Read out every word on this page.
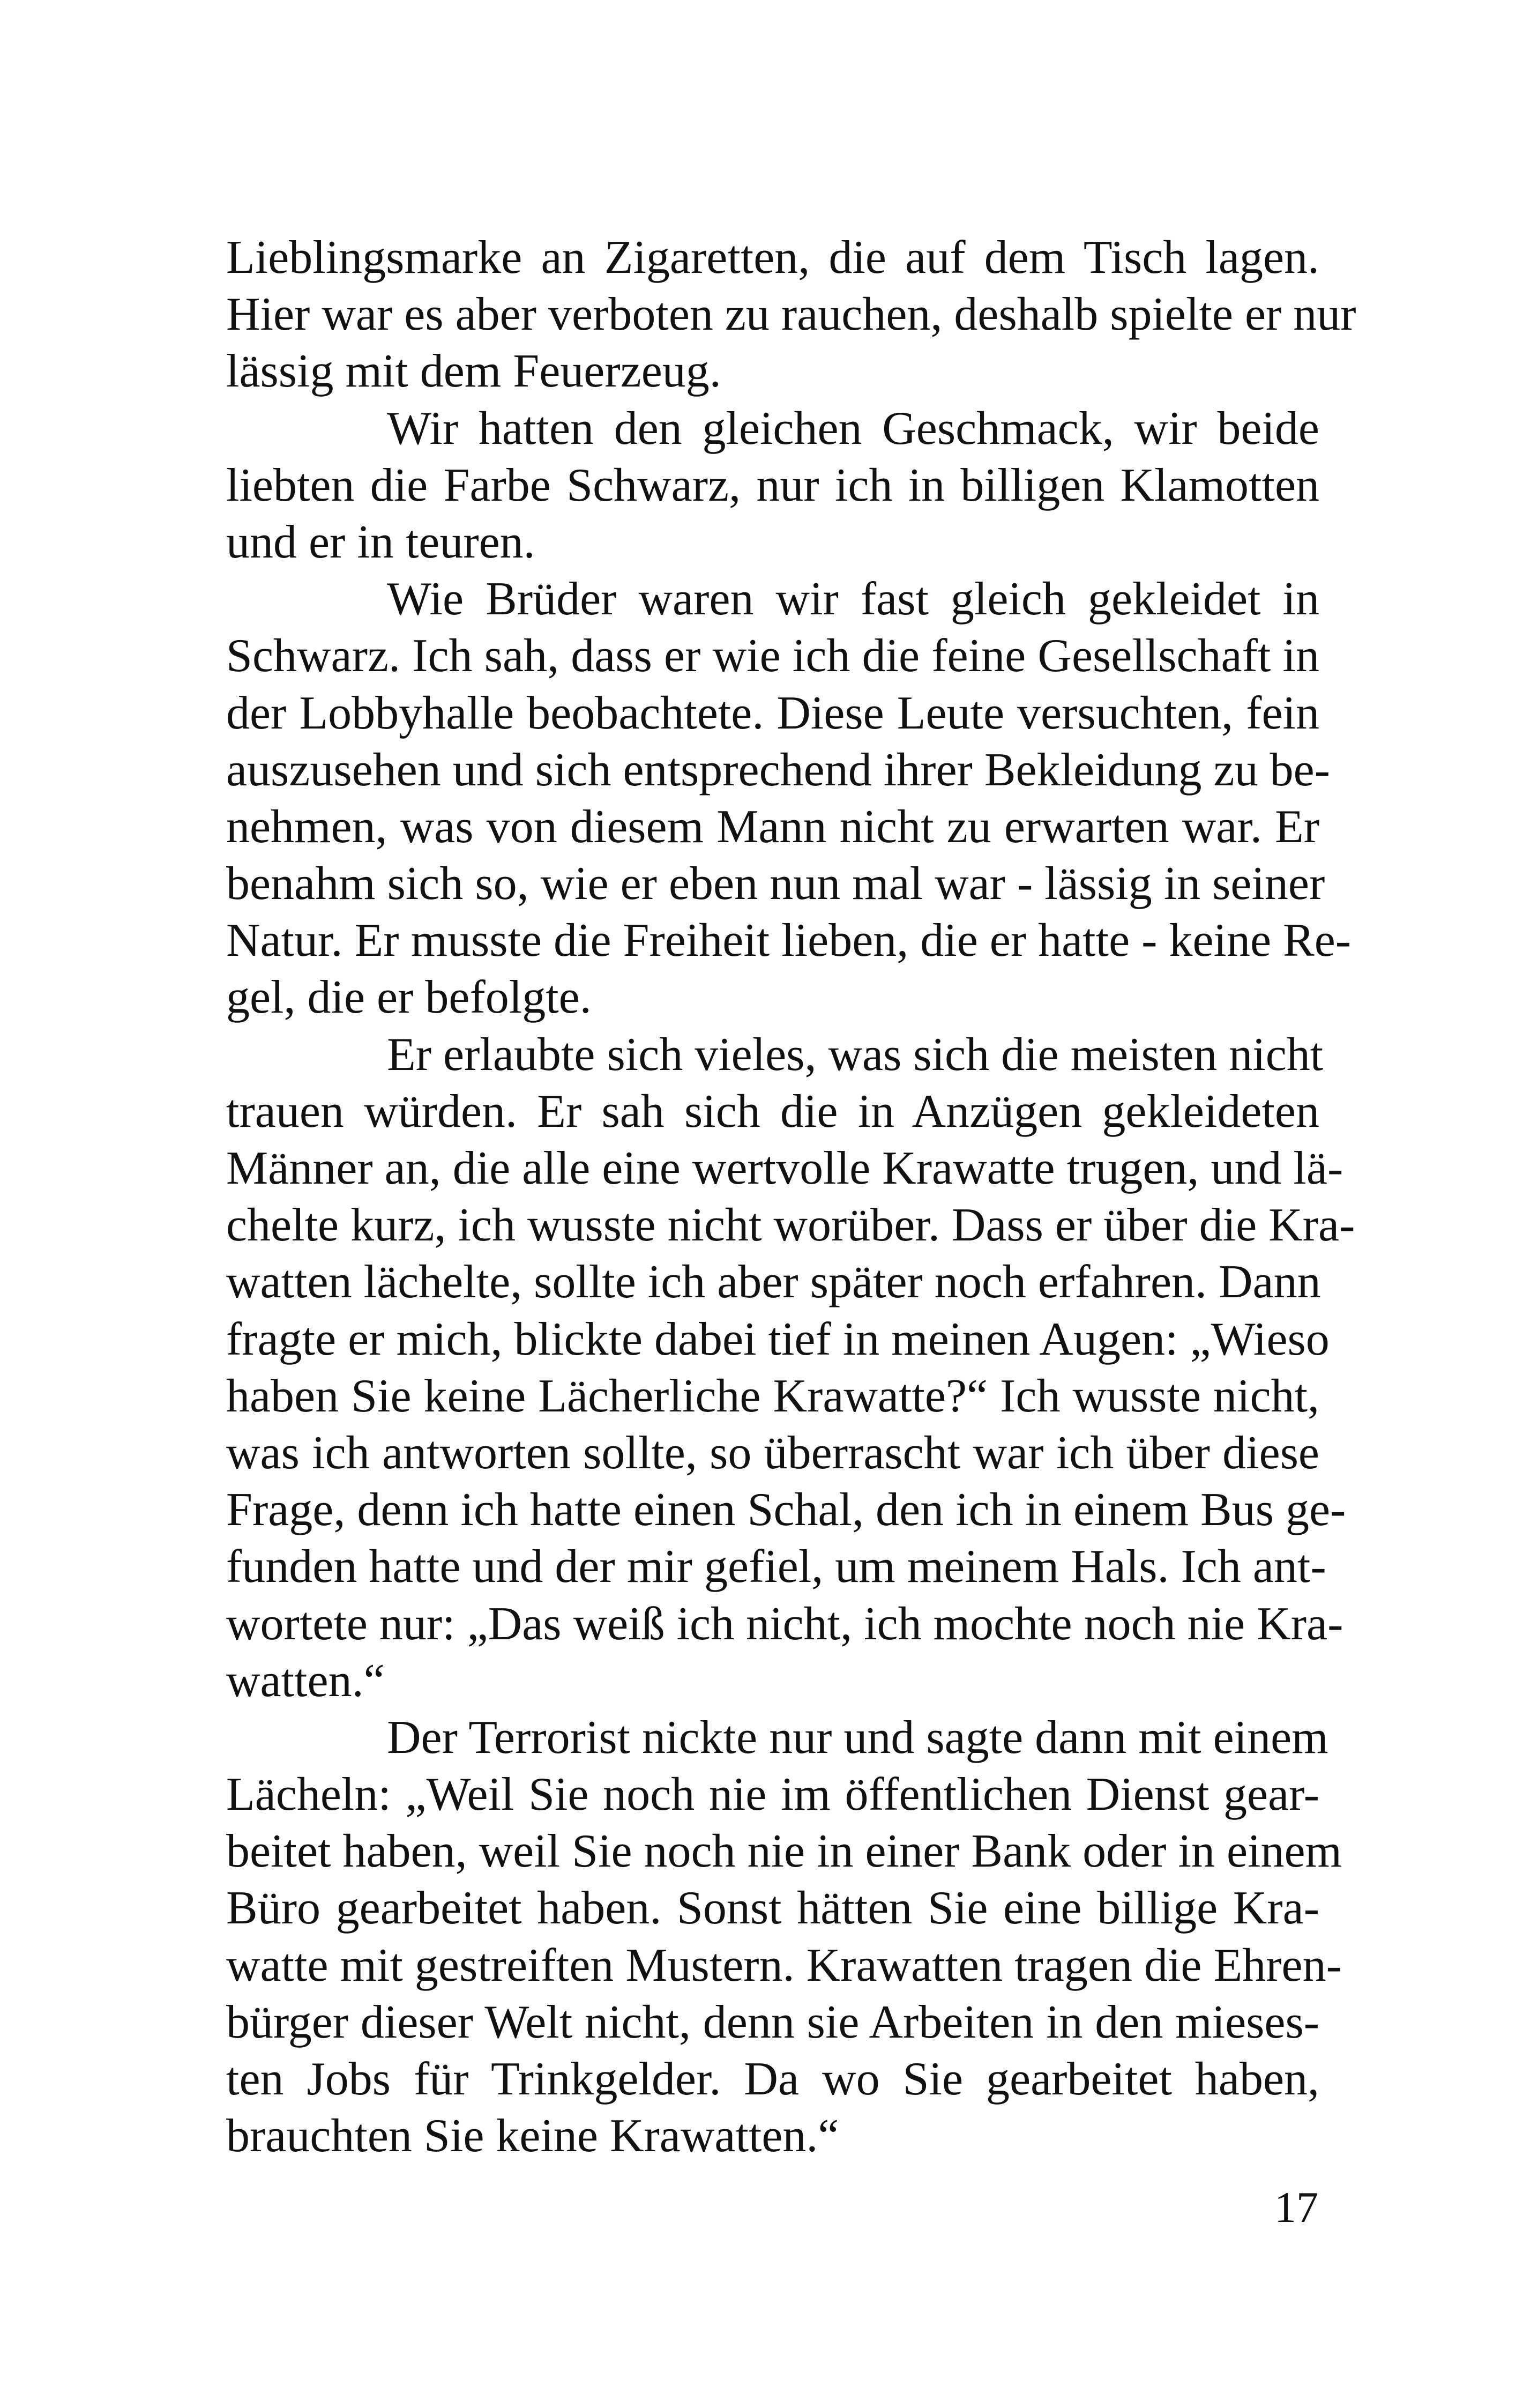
Lieblingsmarke an Zigaretten, die auf dem Tisch lagen.
Hier war es aber verboten zu rauchen, deshalb spielte er nur
lässig mit dem Feuerzeug.
Wir hatten den gleichen Geschmack, wir beide
liebten die Farbe Schwarz, nur ich in billigen Klamotten
und er in teuren.
Wie Brüder waren wir fast gleich gekleidet in
Schwarz. Ich sah, dass er wie ich die feine Gesellschaft in
der Lobbyhalle beobachtete. Diese Leute versuchten, fein
auszusehen und sich entsprechend ihrer Bekleidung zu be-
nehmen, was von diesem Mann nicht zu erwarten war. Er
benahm sich so, wie er eben nun mal war - lässig in seiner
Natur. Er musste die Freiheit lieben, die er hatte - keine Re-
gel, die er befolgte.
Er erlaubte sich vieles, was sich die meisten nicht
trauen würden. Er sah sich die in Anzügen gekleideten
Männer an, die alle eine wertvolle Krawatte trugen, und lä-
chelte kurz, ich wusste nicht worüber. Dass er über die Kra-
watten lächelte, sollte ich aber später noch erfahren. Dann
fragte er mich, blickte dabei tief in meinen Augen: „Wieso
haben Sie keine Lächerliche Krawatte?“ Ich wusste nicht,
was ich antworten sollte, so überrascht war ich über diese
Frage, denn ich hatte einen Schal, den ich in einem Bus ge-
funden hatte und der mir gefiel, um meinem Hals. Ich ant-
wortete nur: „Das weiß ich nicht, ich mochte noch nie Kra-
watten.“
Der Terrorist nickte nur und sagte dann mit einem
Lächeln: „Weil Sie noch nie im öffentlichen Dienst gear-
beitet haben, weil Sie noch nie in einer Bank oder in einem
Büro gearbeitet haben. Sonst hätten Sie eine billige Kra-
watte mit gestreiften Mustern. Krawatten tragen die Ehren-
bürger dieser Welt nicht, denn sie Arbeiten in den mieses-
ten Jobs für Trinkgelder. Da wo Sie gearbeitet haben,
brauchten Sie keine Krawatten.“
17
